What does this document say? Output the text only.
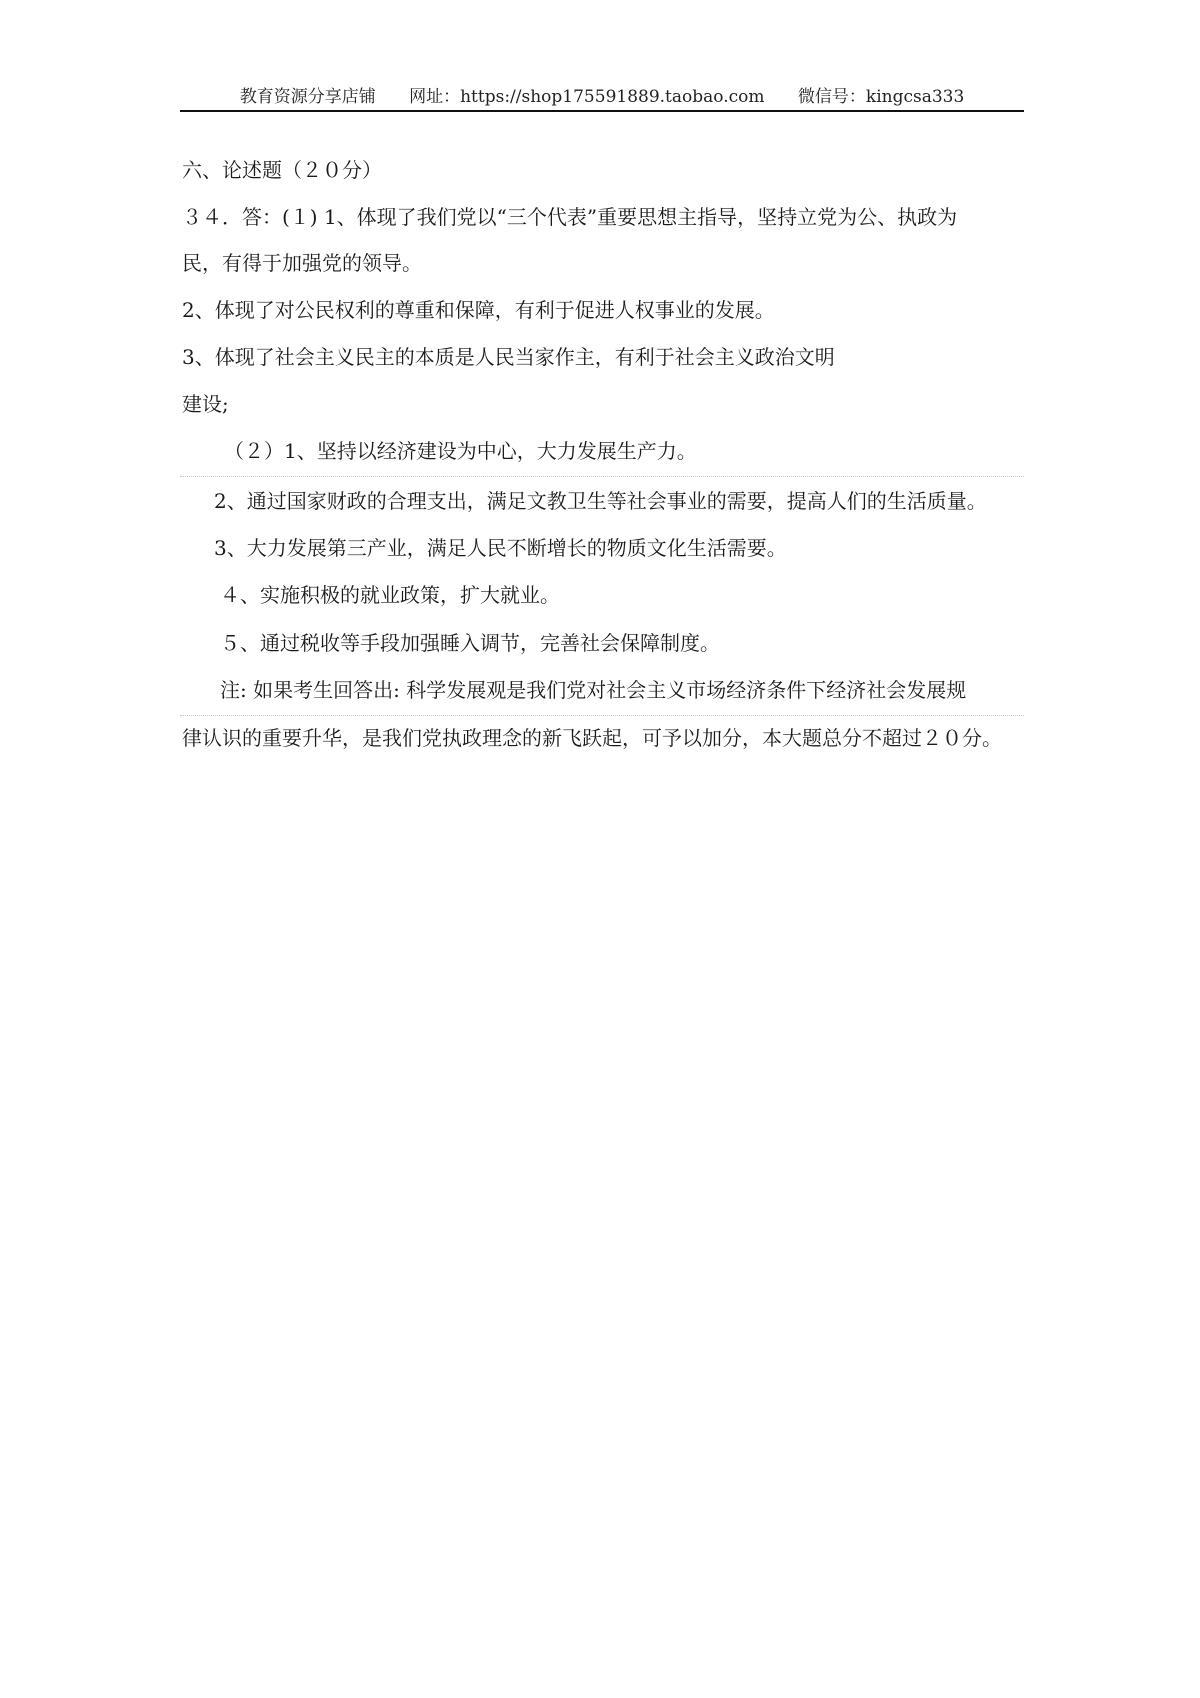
教育资源分享店铺 网址：https://shop175591889.taobao.com 微信号：kingcsa333
六、论述题（２０分）
３４．答：(１) 1、体现了我们党以“三个代表”重要思想主指导，坚持立党为公、执政为
民，有得于加强党的领导。
2、体现了对公民权利的尊重和保障，有利于促进人权事业的发展。
3、体现了社会主义民主的本质是人民当家作主，有利于社会主义政治文明
建设;
（２）1、坚持以经济建设为中心，大力发展生产力。
2、通过国家财政的合理支出，满足文教卫生等社会事业的需要，提高人们的生活质量。
3、大力发展第三产业，满足人民不断增长的物质文化生活需要。
４、实施积极的就业政策，扩大就业。
５、通过税收等手段加强睡入调节，完善社会保障制度。
注: 如果考生回答出: 科学发展观是我们党对社会主义市场经济条件下经济社会发展规
律认识的重要升华，是我们党执政理念的新飞跃起，可予以加分，本大题总分不超过２０分。
